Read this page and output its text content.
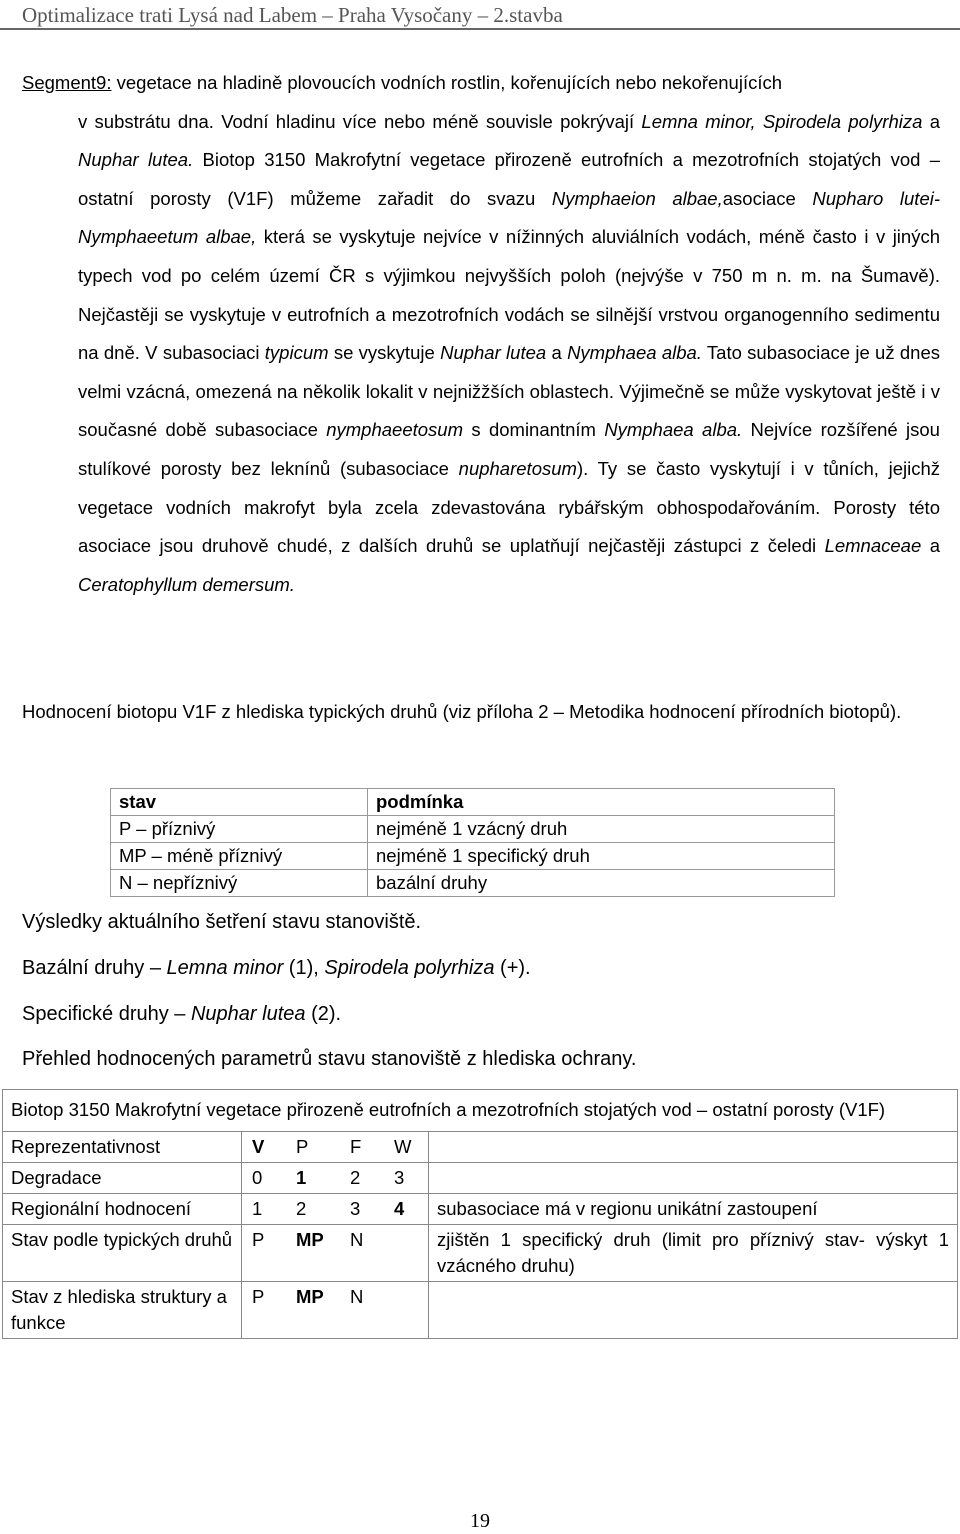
Optimalizace trati Lysá nad Labem – Praha Vysočany – 2.stavba
Segment9: vegetace na hladině plovoucích vodních rostlin, kořenujících nebo nekořenujících
v substrátu dna. Vodní hladinu více nebo méně souvisle pokrývají Lemna minor, Spirodela polyrhiza a Nuphar lutea. Biotop 3150 Makrofytní vegetace přirozeně eutrofních a mezotrofních stojatých vod – ostatní porosty (V1F) můžeme zařadit do svazu Nymphaeion albae,asociace Nupharo lutei-Nymphaeetum albae, která se vyskytuje nejvíce v nížinných aluviálních vodách, méně často i v jiných typech vod po celém území ČR s výjimkou nejvyšších poloh (nejvýše v 750 m n. m. na Šumavě). Nejčastěji se vyskytuje v eutrofních a mezotrofních vodách se silnější vrstvou organogenního sedimentu na dně. V subasociaci typicum se vyskytuje Nuphar lutea a Nymphaea alba. Tato subasociace je už dnes velmi vzácná, omezená na několik lokalit v nejnižžších oblastech. Výjimečně se může vyskytovat ještě i v současné době subasociace nymphaeetosum s dominantním Nymphaea alba. Nejvíce rozšířené jsou stulíkové porosty bez leknínů (subasociace nupharetosum). Ty se často vyskytují i v tůních, jejichž vegetace vodních makrofyt byla zcela zdevastována rybářským obhospodařováním. Porosty této asociace jsou druhově chudé, z dalších druhů se uplatňují nejčastěji zástupci z čeledi Lemnaceae a Ceratophyllum demersum.
Hodnocení biotopu V1F z hlediska typických druhů (viz příloha 2 – Metodika hodnocení přírodních biotopů).
stav	podmínka
P – příznivý	nejméně 1 vzácný druh
MP – méně příznivý	nejméně 1 specifický druh
N – nepříznivý	bazální druhy
Výsledky aktuálního šetření stavu stanoviště.
Bazální druhy – Lemna minor (1), Spirodela polyrhiza (+).
Specifické druhy – Nuphar lutea (2).
Přehled hodnocených parametrů stavu stanoviště z hlediska ochrany.
Biotop 3150 Makrofytní vegetace přirozeně eutrofních a mezotrofních stojatých vod – ostatní porosty (V1F)					
Reprezentativnost	V	P	F	W	
Degradace	0	1	2	3	
Regionální hodnocení	1	2	3	4	subasociace má v regionu unikátní zastoupení
Stav podle typických druhů	P	MP	N		zjištěn 1 specifický druh (limit pro příznivý stav- výskyt 1 vzácného druhu)
Stav z hlediska struktury a funkce	P	MP	N		
19
